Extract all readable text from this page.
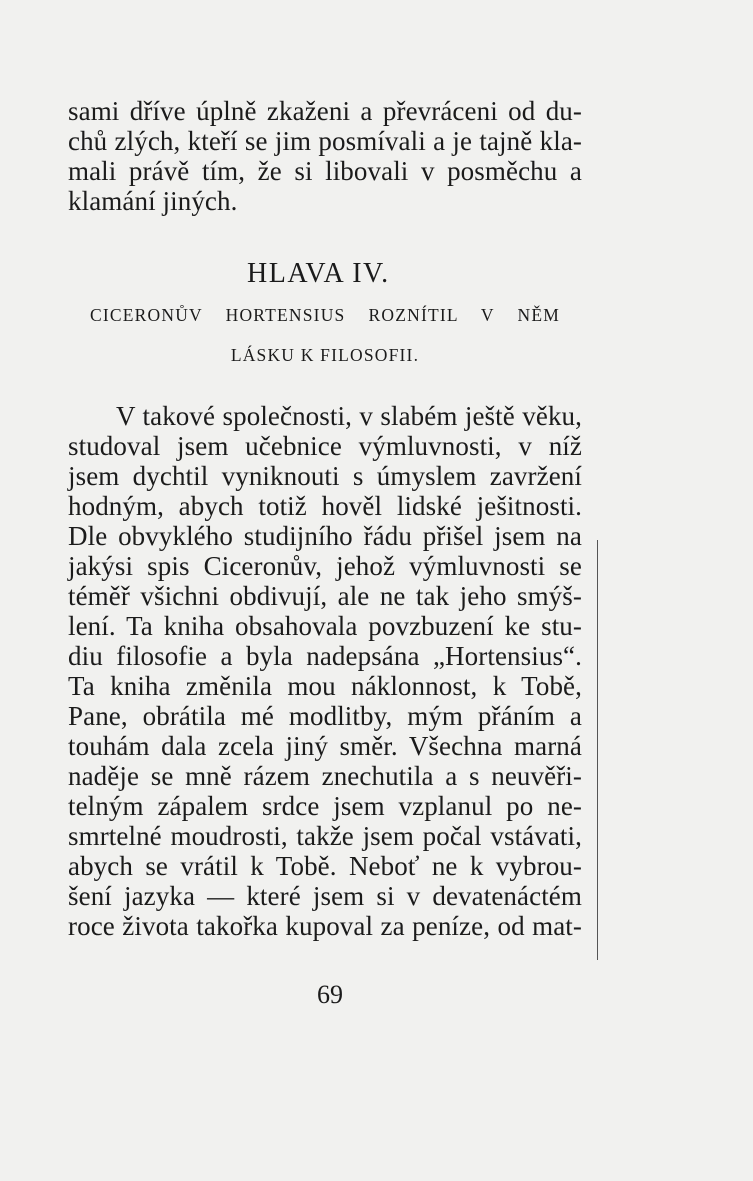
sami dříve úplně zkaženi a převráceni od du-
chů zlých, kteří se jim posmívali a je tajně kla-
mali právě tím, že si libovali v posměchu a
klamání jiných.
HLAVA IV.
CICERONŮV HORTENSIUS ROZNÍTIL V NĚM
LÁSKU K FILOSOFII.
V takové společnosti, v slabém ještě věku,
studoval jsem učebnice výmluvnosti, v níž
jsem dychtil vyniknouti s úmyslem zavržení
hodným, abych totiž hověl lidské ješitnosti.
Dle obvyklého studijního řádu přišel jsem na
jakýsi spis Ciceronův, jehož výmluvnosti se
téměř všichni obdivují, ale ne tak jeho smýš-
lení. Ta kniha obsahovala povzbuzení ke stu-
diu filosofie a byla nadepsána „Hortensius“.
Ta kniha změnila mou náklonnost, k Tobě,
Pane, obrátila mé modlitby, mým přáním a
touhám dala zcela jiný směr. Všechna marná
naděje se mně rázem znechutila a s neuvěři-
telným zápalem srdce jsem vzplanul po ne-
smrtelné moudrosti, takže jsem počal vstávati,
abych se vrátil k Tobě. Neboť ne k vybrou-
šení jazyka — které jsem si v devatenáctém
roce života takořka kupoval za peníze, od mat-
69
